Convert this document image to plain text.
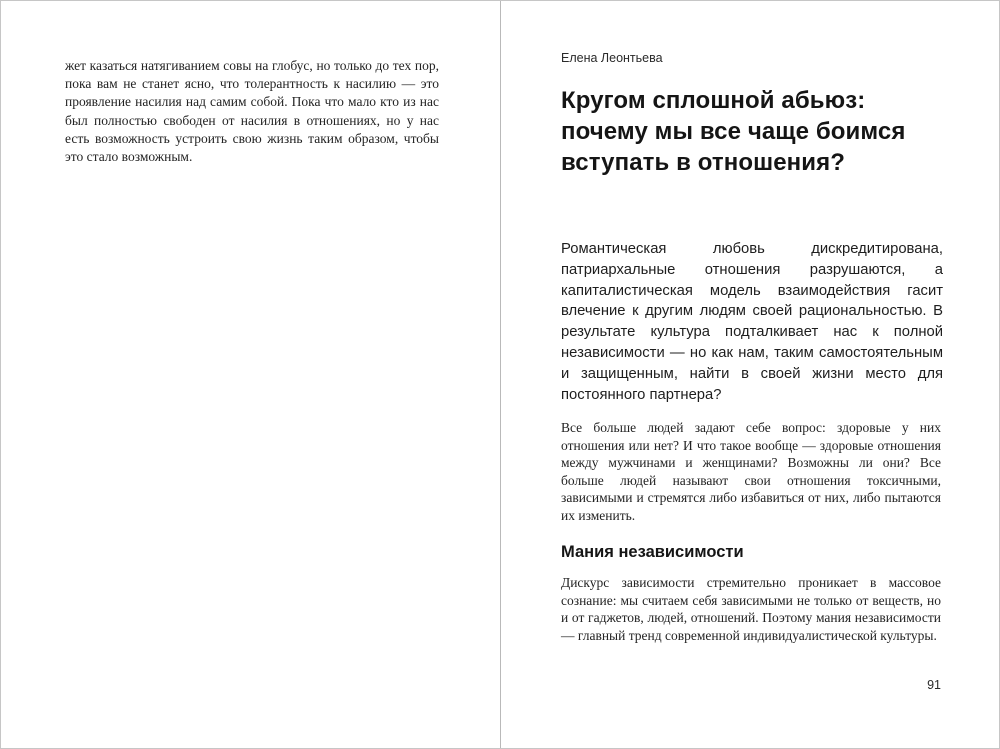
жет казаться натягиванием совы на глобус, но только до тех пор, пока вам не станет ясно, что толерантность к насилию — это проявление насилия над самим собой. Пока что мало кто из нас был полностью свободен от насилия в отношениях, но у нас есть возможность устроить свою жизнь таким образом, чтобы это стало возможным.

Елена Леонтьева
Кругом сплошной абьюз: почему мы все чаще боимся вступать в отношения?

Романтическая любовь дискредитирована, патриархальные отношения разрушаются, а капиталистическая модель взаимодействия гасит влечение к другим людям своей рациональностью. В результате культура подталкивает нас к полной независимости — но как нам, таким самостоятельным и защищенным, найти в своей жизни место для постоянного партнера?

Все больше людей задают себе вопрос: здоровые у них отношения или нет? И что такое вообще — здоровые отношения между мужчинами и женщинами? Возможны ли они? Все больше людей называют свои отношения токсичными, зависимыми и стремятся либо избавиться от них, либо пытаются их изменить.

Мания независимости

Дискурс зависимости стремительно проникает в массовое сознание: мы считаем себя зависимыми не только от веществ, но и от гаджетов, людей, отношений. Поэтому мания независимости — главный тренд современной индивидуалистической культуры.

91
